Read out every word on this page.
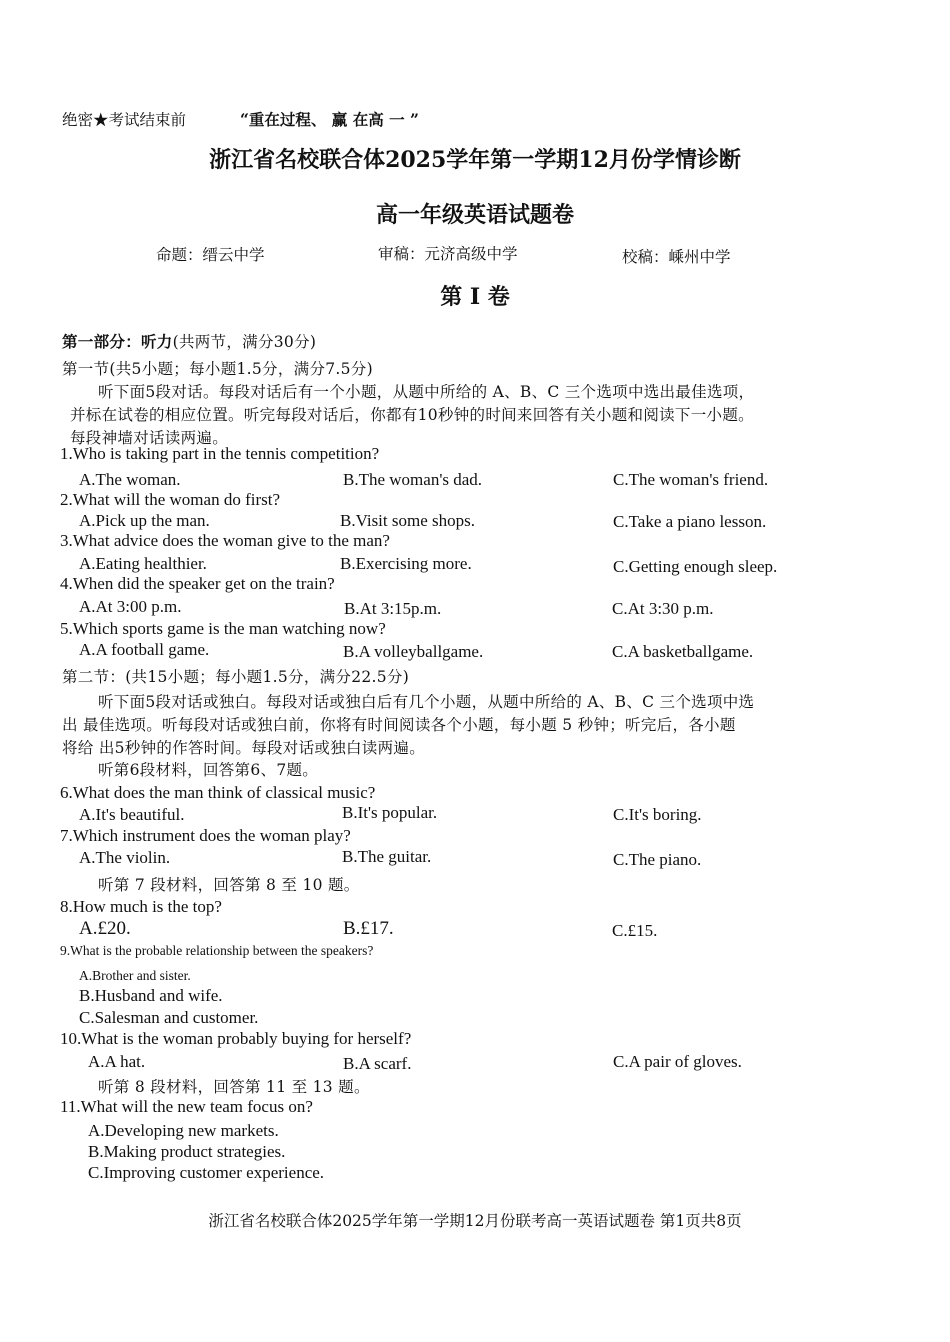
绝密★考试结束前	“重在过程、 赢 在高 一 ”
浙江省名校联合体2025学年第一学期12月份学情诊断
高一年级英语试题卷
命题：缙云中学	审稿：元济高级中学	校稿：嵊州中学
第 I 卷
第一部分：听力(共两节，满分30分)
第一节(共5小题；每小题1.5分，满分7.5分)
听下面5段对话。每段对话后有一个小题，从题中所给的 A、B、C 三个选项中选出最佳选项，
并标在试卷的相应位置。听完每段对话后，你都有10秒钟的时间来回答有关小题和阅读下一小题。
每段神墙对话读两遍。
1.Who is taking part in the tennis competition?
A.The woman.	B.The woman's dad.	C.The woman's friend.
2.What will the woman do first?
A.Pick up the man.	B.Visit some shops.	C.Take a piano lesson.
3.What advice does the woman give to the man?
A.Eating healthier.	B.Exercising more.	C.Getting enough sleep.
4.When did the speaker get on the train?
A.At 3:00 p.m.	B.At 3:15p.m.	C.At 3:30 p.m.
5.Which sports game is the man watching now?
A.A football game.	B.A volleyballgame.	C.A basketballgame.
第二节：(共15小题；每小题1.5分，满分22.5分)
听下面5段对话或独白。每段对话或独白后有几个小题，从题中所给的 A、B、C 三个选项中选
出 最佳选项。听每段对话或独白前，你将有时间阅读各个小题，每小题 5 秒钟；听完后，各小题
将给 出5秒钟的作答时间。每段对话或独白读两遍。
听第6段材料，回答第6、7题。
6.What does the man think of classical music?
A.It's beautiful.	B.It's popular.	C.It's boring.
7.Which instrument does the woman play?
A.The violin.	B.The guitar.	C.The piano.
听第 7 段材料，回答第 8 至 10 题。
8.How much is the top?
A.£20.	B.£17.	C.£15.
9.What is the probable relationship between the speakers?
A.Brother and sister.
B.Husband and wife.
C.Salesman and customer.
10.What is the woman probably buying for herself?
A.A hat.	B.A scarf.	C.A pair of gloves.
听第 8 段材料，回答第 11 至 13 题。
11.What will the new team focus on?
A.Developing new markets.
B.Making product strategies.
C.Improving customer experience.
浙江省名校联合体2025学年第一学期12月份联考高一英语试题卷 第1页共8页
